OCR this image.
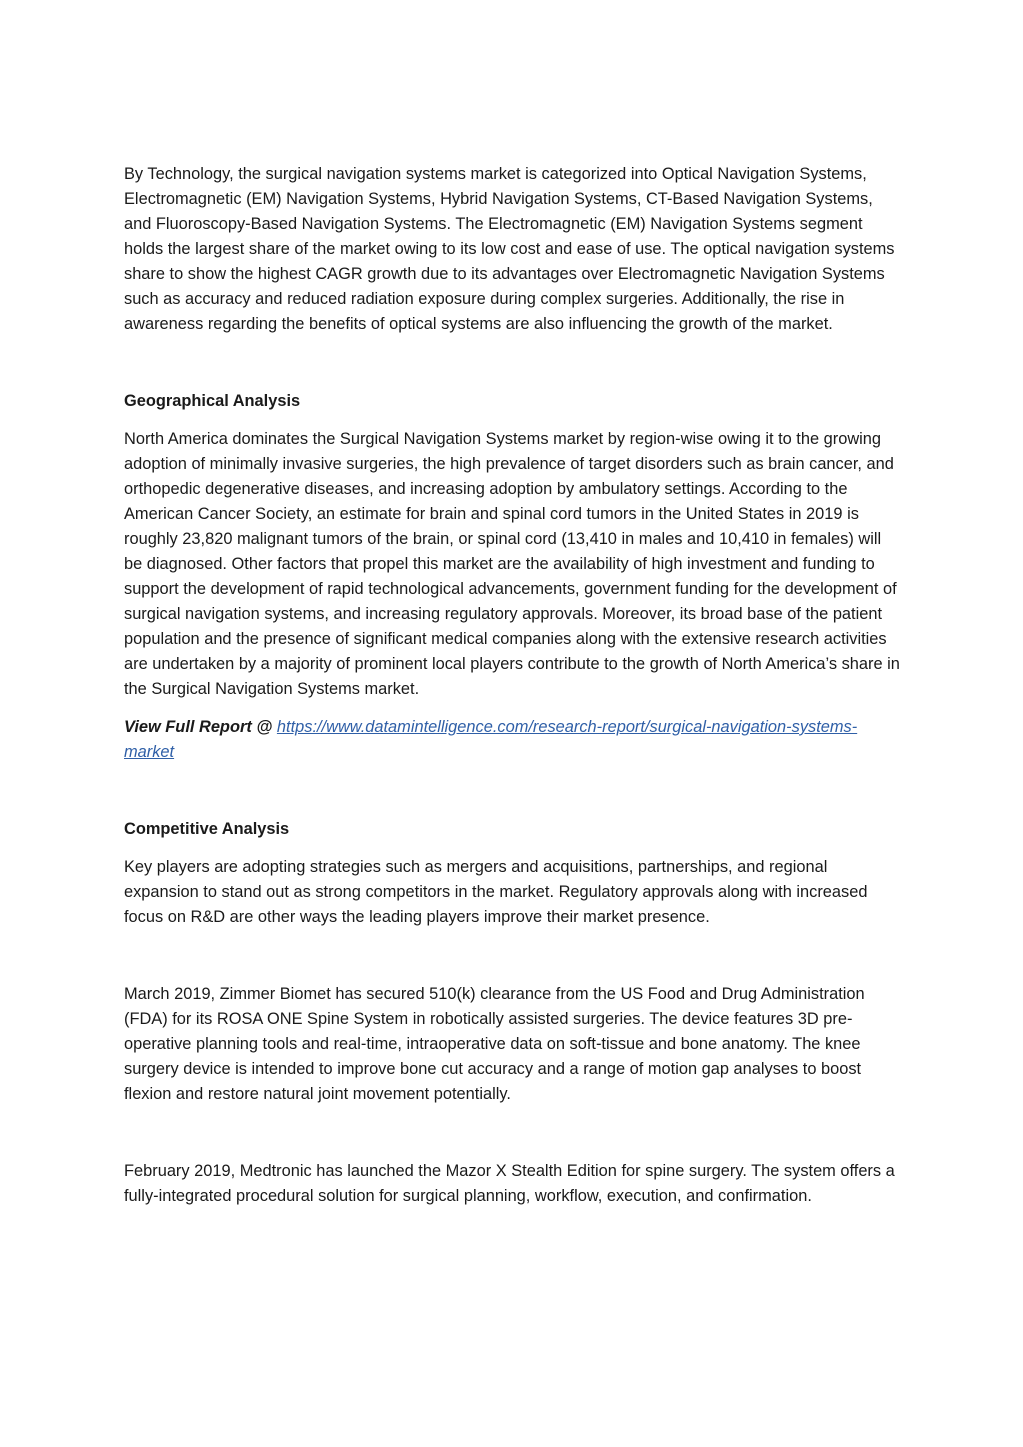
By Technology, the surgical navigation systems market is categorized into Optical Navigation Systems, Electromagnetic (EM) Navigation Systems, Hybrid Navigation Systems, CT-Based Navigation Systems, and Fluoroscopy-Based Navigation Systems. The Electromagnetic (EM) Navigation Systems segment holds the largest share of the market owing to its low cost and ease of use. The optical navigation systems share to show the highest CAGR growth due to its advantages over Electromagnetic Navigation Systems such as accuracy and reduced radiation exposure during complex surgeries. Additionally, the rise in awareness regarding the benefits of optical systems are also influencing the growth of the market.

Geographical Analysis

North America dominates the Surgical Navigation Systems market by region-wise owing it to the growing adoption of minimally invasive surgeries, the high prevalence of target disorders such as brain cancer, and orthopedic degenerative diseases, and increasing adoption by ambulatory settings. According to the American Cancer Society, an estimate for brain and spinal cord tumors in the United States in 2019 is roughly 23,820 malignant tumors of the brain, or spinal cord (13,410 in males and 10,410 in females) will be diagnosed. Other factors that propel this market are the availability of high investment and funding to support the development of rapid technological advancements, government funding for the development of surgical navigation systems, and increasing regulatory approvals. Moreover, its broad base of the patient population and the presence of significant medical companies along with the extensive research activities are undertaken by a majority of prominent local players contribute to the growth of North America’s share in the Surgical Navigation Systems market.

View Full Report @ https://www.datamintelligence.com/research-report/surgical-navigation-systems-market

Competitive Analysis

Key players are adopting strategies such as mergers and acquisitions, partnerships, and regional expansion to stand out as strong competitors in the market. Regulatory approvals along with increased focus on R&D are other ways the leading players improve their market presence.

March 2019, Zimmer Biomet has secured 510(k) clearance from the US Food and Drug Administration (FDA) for its ROSA ONE Spine System in robotically assisted surgeries. The device features 3D pre-operative planning tools and real-time, intraoperative data on soft-tissue and bone anatomy. The knee surgery device is intended to improve bone cut accuracy and a range of motion gap analyses to boost flexion and restore natural joint movement potentially.

February 2019, Medtronic has launched the Mazor X Stealth Edition for spine surgery. The system offers a fully-integrated procedural solution for surgical planning, workflow, execution, and confirmation.
